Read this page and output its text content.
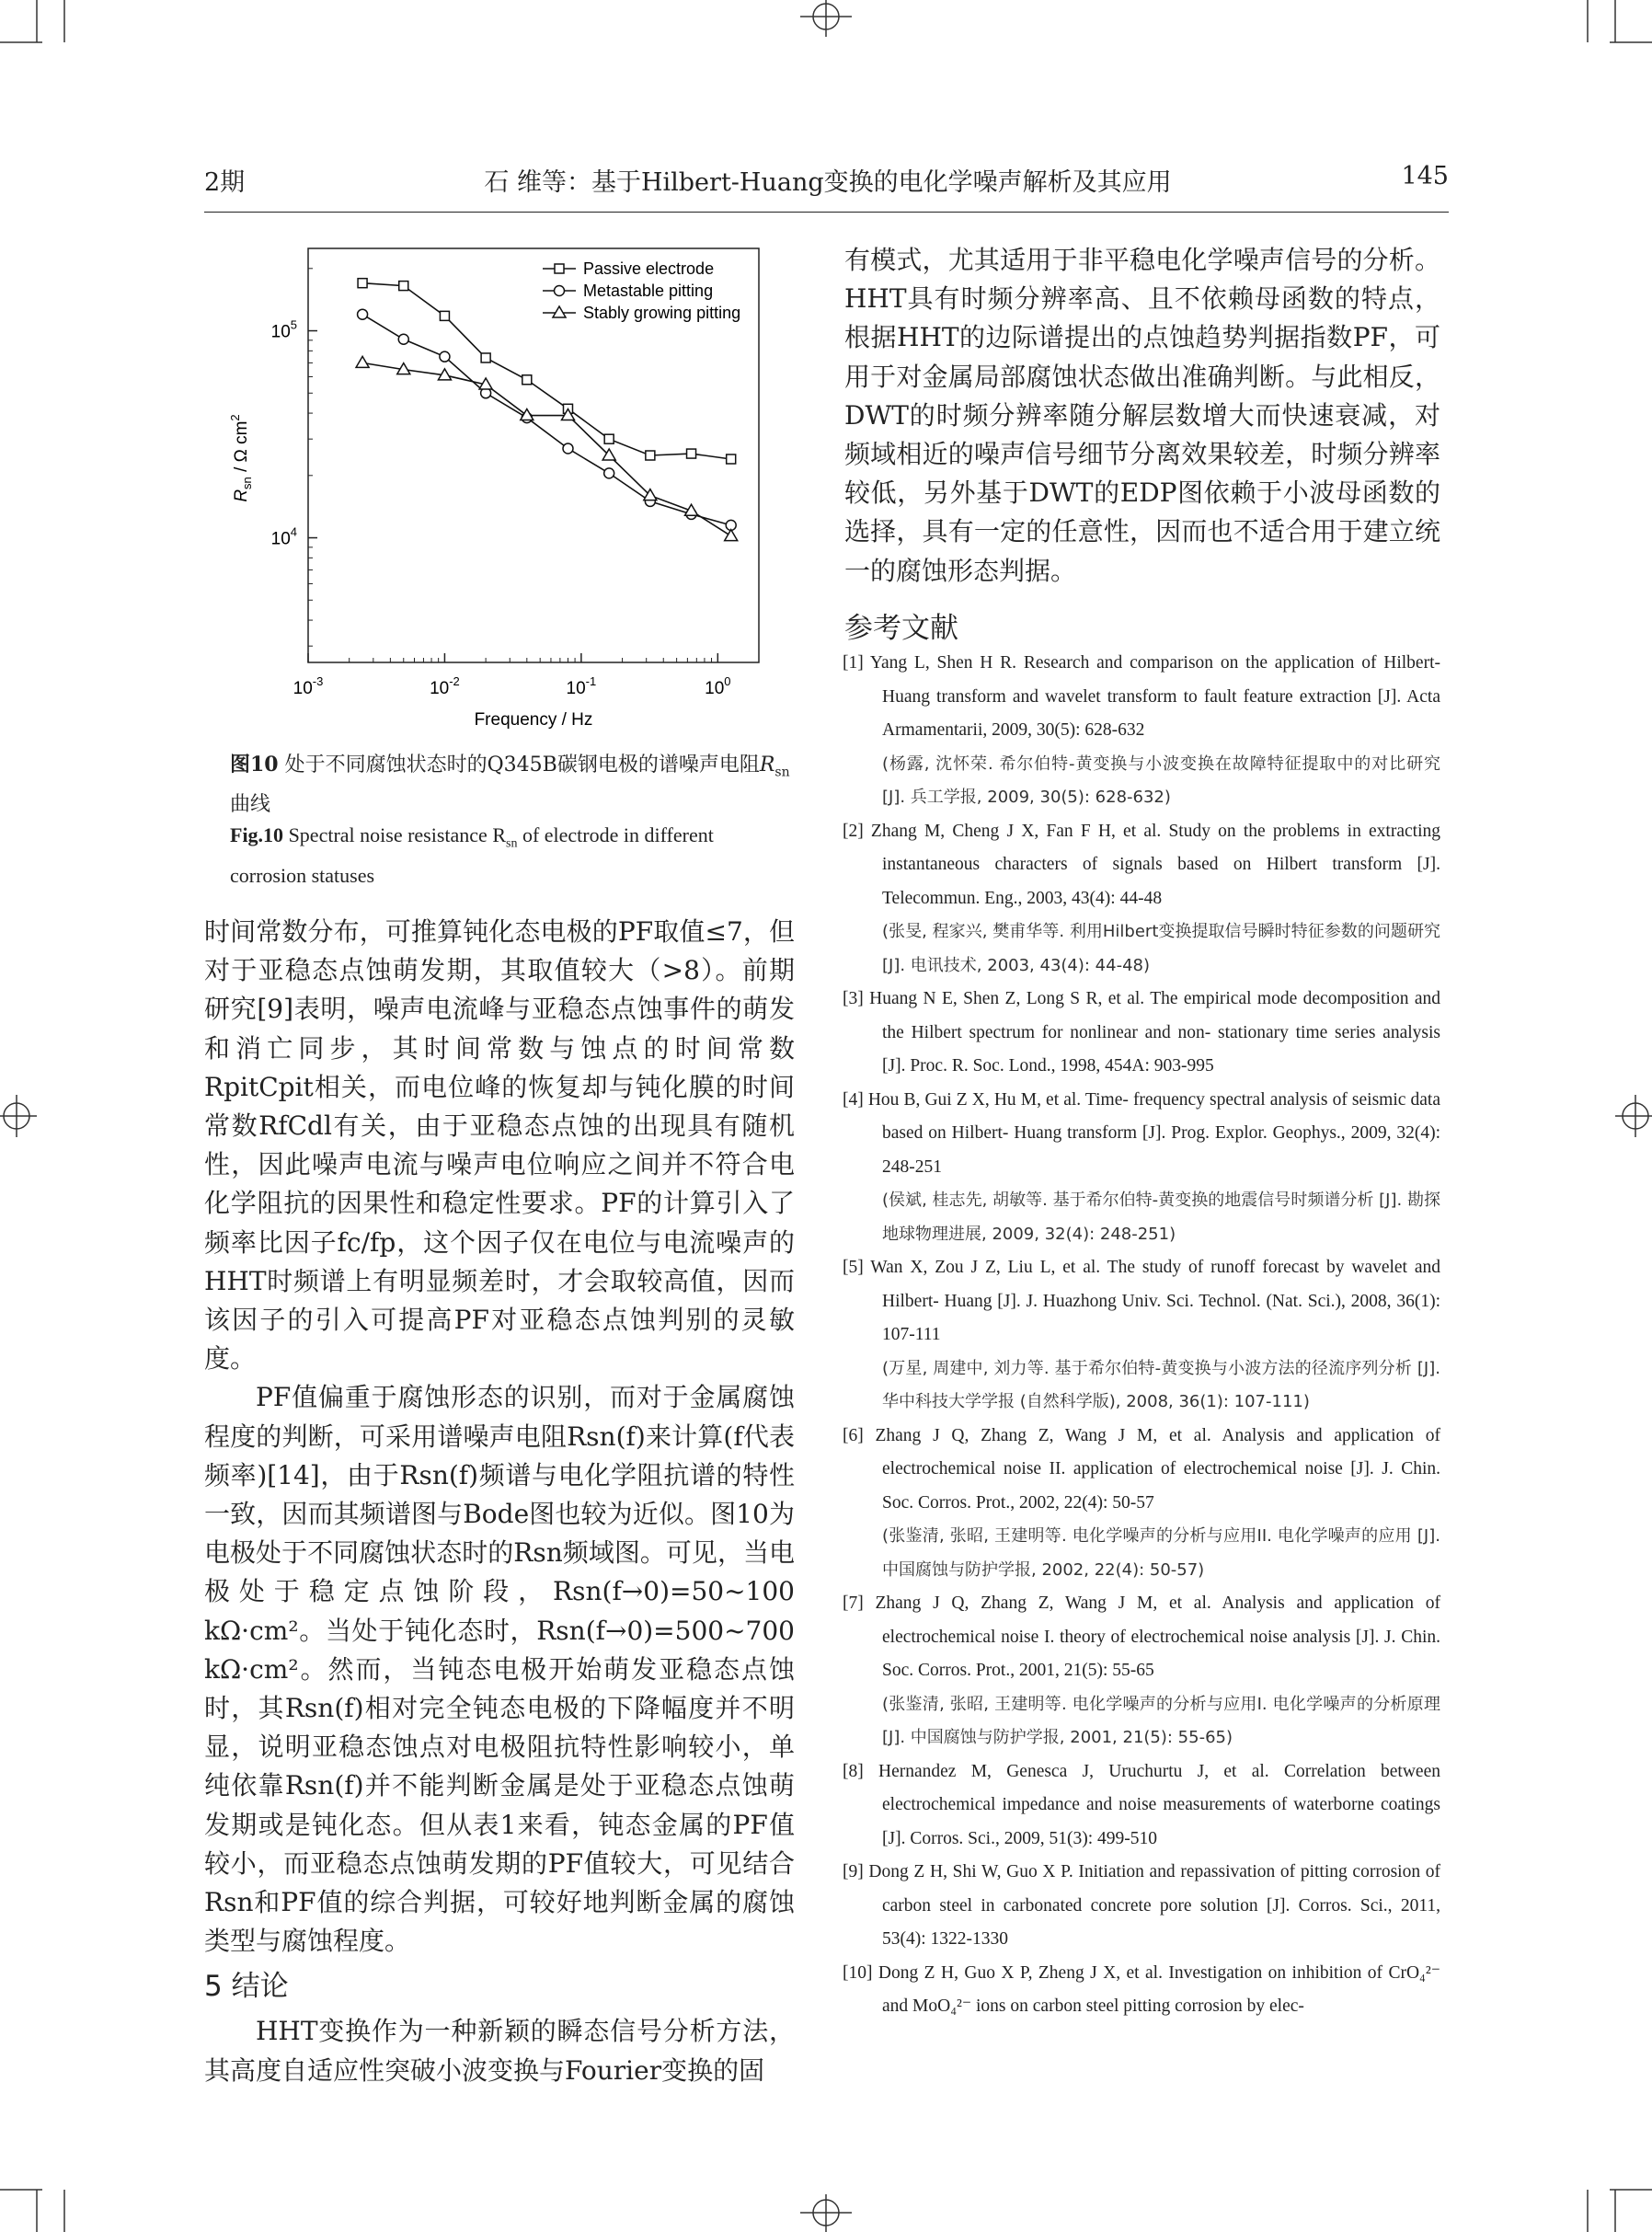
2期	石 维等：基于Hilbert-Huang变换的电化学噪声解析及其应用	145
$10^{-3}$	$10^{-2}$	$10^{-1}$	$10^0$
$10^4$
$10^5$
Passive electrode
Metastable pitting
Stably growing pitting
Frequency / Hz
$R_{sn}$ / Ω $cm^2$
图10 处于不同腐蚀状态时的Q345B碳钢电极的谱噪声电阻$R_{sn}$曲线
Fig.10 Spectral noise resistance $R_{sn}$ of electrode in different corrosion statuses

时间常数分布，可推算钝化态电极的PF取值≤7，但对于亚稳态点蚀萌发期，其取值较大（>8）。前期研究[9]表明，噪声电流峰与亚稳态点蚀事件的萌发和消亡同步，其时间常数与蚀点的时间常数RpitCpit相关，而电位峰的恢复却与钝化膜的时间常数RfCdl有关，由于亚稳态点蚀的出现具有随机性，因此噪声电流与噪声电位响应之间并不符合电化学阻抗的因果性和稳定性要求。PF的计算引入了频率比因子fc/fp，这个因子仅在电位与电流噪声的HHT时频谱上有明显频差时，才会取较高值，因而该因子的引入可提高PF对亚稳态点蚀判别的灵敏度。

PF值偏重于腐蚀形态的识别，而对于金属腐蚀程度的判断，可采用谱噪声电阻Rsn(f)来计算(f代表频率)[14]，由于Rsn(f)频谱与电化学阻抗谱的特性一致，因而其频谱图与Bode图也较为近似。图10为电极处于不同腐蚀状态时的Rsn频域图。可见，当电极处于稳定点蚀阶段，Rsn(f→0)=50~100 kΩ·cm²。当处于钝化态时，Rsn(f→0)=500~700 kΩ·cm²。然而，当钝态电极开始萌发亚稳态点蚀时，其Rsn(f)相对完全钝态电极的下降幅度并不明显，说明亚稳态蚀点对电极阻抗特性影响较小，单纯依靠Rsn(f)并不能判断金属是处于亚稳态点蚀萌发期或是钝化态。但从表1来看，钝态金属的PF值较小，而亚稳态点蚀萌发期的PF值较大，可见结合Rsn和PF值的综合判据，可较好地判断金属的腐蚀类型与腐蚀程度。

5 结论

HHT变换作为一种新颖的瞬态信号分析方法，其高度自适应性突破小波变换与Fourier变换的固

有模式，尤其适用于非平稳电化学噪声信号的分析。HHT具有时频分辨率高、且不依赖母函数的特点，根据HHT的边际谱提出的点蚀趋势判据指数PF，可用于对金属局部腐蚀状态做出准确判断。与此相反，DWT的时频分辨率随分解层数增大而快速衰减，对频域相近的噪声信号细节分离效果较差，时频分辨率较低，另外基于DWT的EDP图依赖于小波母函数的选择，具有一定的任意性，因而也不适合用于建立统一的腐蚀形态判据。

参考文献

[1] Yang L, Shen H R. Research and comparison on the application of Hilbert-Huang transform and wavelet transform to fault feature extraction [J]. Acta Armamentarii, 2009, 30(5): 628-632

(杨露, 沈怀荣. 希尔伯特-黄变换与小波变换在故障特征提取中的对比研究 [J]. 兵工学报, 2009, 30(5): 628-632)

[2] Zhang M, Cheng J X, Fan F H, et al. Study on the problems in extracting instantaneous characters of signals based on Hilbert transform [J]. Telecommun. Eng., 2003, 43(4): 44-48

(张旻, 程家兴, 樊甫华等. 利用Hilbert变换提取信号瞬时特征参数的问题研究 [J]. 电讯技术, 2003, 43(4): 44-48)

[3] Huang N E, Shen Z, Long S R, et al. The empirical mode decomposition and the Hilbert spectrum for nonlinear and non- stationary time series analysis [J]. Proc. R. Soc. Lond., 1998, 454A: 903-995

[4] Hou B, Gui Z X, Hu M, et al. Time- frequency spectral analysis of seismic data based on Hilbert- Huang transform [J]. Prog. Explor. Geophys., 2009, 32(4): 248-251

(侯斌, 桂志先, 胡敏等. 基于希尔伯特-黄变换的地震信号时频谱分析 [J]. 勘探地球物理进展, 2009, 32(4): 248-251)

[5] Wan X, Zou J Z, Liu L, et al. The study of runoff forecast by wavelet and Hilbert- Huang [J]. J. Huazhong Univ. Sci. Technol. (Nat. Sci.), 2008, 36(1): 107-111

(万星, 周建中, 刘力等. 基于希尔伯特-黄变换与小波方法的径流序列分析 [J]. 华中科技大学学报 (自然科学版), 2008, 36(1): 107-111)

[6] Zhang J Q, Zhang Z, Wang J M, et al. Analysis and application of electrochemical noise II. application of electrochemical noise [J]. J. Chin. Soc. Corros. Prot., 2002, 22(4): 50-57

(张鉴清, 张昭, 王建明等. 电化学噪声的分析与应用II. 电化学噪声的应用 [J]. 中国腐蚀与防护学报, 2002, 22(4): 50-57)

[7] Zhang J Q, Zhang Z, Wang J M, et al. Analysis and application of electrochemical noise I. theory of electrochemical noise analysis [J]. J. Chin. Soc. Corros. Prot., 2001, 21(5): 55-65

(张鉴清, 张昭, 王建明等. 电化学噪声的分析与应用I. 电化学噪声的分析原理 [J]. 中国腐蚀与防护学报, 2001, 21(5): 55-65)

[8] Hernandez M, Genesca J, Uruchurtu J, et al. Correlation between electrochemical impedance and noise measurements of waterborne coatings [J]. Corros. Sci., 2009, 51(3): 499-510

[9] Dong Z H, Shi W, Guo X P. Initiation and repassivation of pitting corrosion of carbon steel in carbonated concrete pore solution [J]. Corros. Sci., 2011, 53(4): 1322-1330

[10] Dong Z H, Guo X P, Zheng J X, et al. Investigation on inhibition of CrO₄²⁻ and MoO₄²⁻ ions on carbon steel pitting corrosion by elec-
